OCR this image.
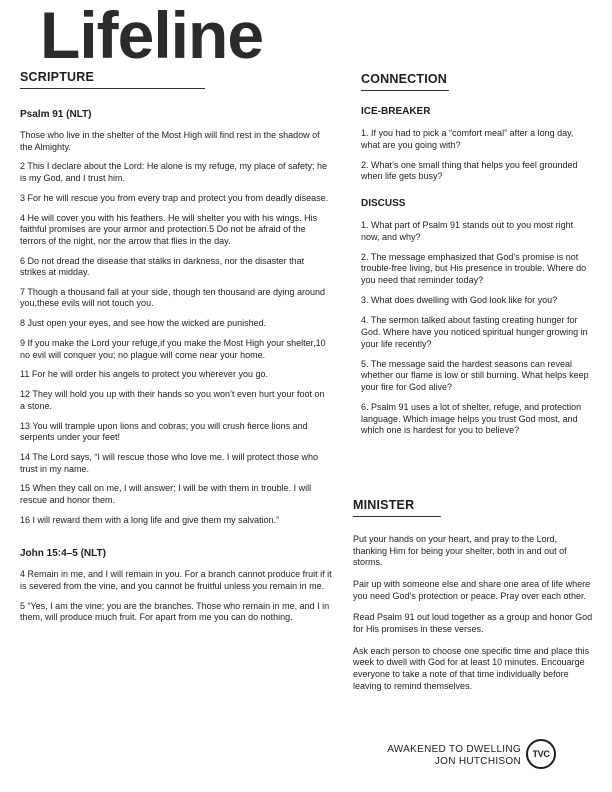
Lifeline
SCRIPTURE
Psalm 91 (NLT)

Those who live in the shelter of the Most High will find rest in the shadow of the Almighty.

2 This I declare about the Lord: He alone is my refuge, my place of safety; he is my God, and I trust him.

3 For he will rescue you from every trap and protect you from deadly disease.

4 He will cover you with his feathers. He will shelter you with his wings. His faithful promises are your armor and protection.5 Do not be afraid of the terrors of the night, nor the arrow that flies in the day.

6 Do not dread the disease that stalks in darkness, nor the disaster that strikes at midday.

7 Though a thousand fall at your side, though ten thousand are dying around you,these evils will not touch you.

8 Just open your eyes, and see how the wicked are punished.

9 If you make the Lord your refuge,if you make the Most High your shelter,10 no evil will conquer you; no plague will come near your home.

11 For he will order his angels to protect you wherever you go.

12 They will hold you up with their hands so you won’t even hurt your foot on a stone.

13 You will trample upon lions and cobras; you will crush fierce lions and serpents under your feet!

14 The Lord says, “I will rescue those who love me. I will protect those who trust in my name.

15 When they call on me, I will answer; I will be with them in trouble. I will rescue and honor them.

16 I will reward them with a long life and give them my salvation.”

John 15:4–5 (NLT)

4 Remain in me, and I will remain in you. For a branch cannot produce fruit if it is severed from the vine, and you cannot be fruitful unless you remain in me.

5 “Yes, I am the vine; you are the branches. Those who remain in me, and I in them, will produce much fruit. For apart from me you can do nothing.

CONNECTION
ICE-BREAKER

1. If you had to pick a “comfort meal” after a long day, what are you going with?

2. What’s one small thing that helps you feel grounded when life gets busy?

DISCUSS

1. What part of Psalm 91 stands out to you most right now, and why?

2. The message emphasized that God’s promise is not trouble-free living, but His presence in trouble. Where do you need that reminder today?

3. What does dwelling with God look like for you?

4. The sermon talked about fasting creating hunger for God. Where have you noticed spiritual hunger growing in your life recently?

5. The message said the hardest seasons can reveal whether our flame is low or still burning. What helps keep your fire for God alive?

6. Psalm 91 uses a lot of shelter, refuge, and protection language. Which image helps you trust God most, and which one is hardest for you to believe?

MINISTER

Put your hands on your heart, and pray to the Lord, thanking Him for being your shelter, both in and out of storms.

Pair up with someone else and share one area of life where you need God’s protection or peace. Pray over each other.

Read Psalm 91 out loud together as a group and honor God for His promises in these verses.

Ask each person to choose one specific time and place this week to dwell with God for at least 10 minutes. Encouarge everyone to take a note of that time individually before leaving to remind themselves.

AWAKENED TO DWELLING
JON HUTCHISON
TVC
